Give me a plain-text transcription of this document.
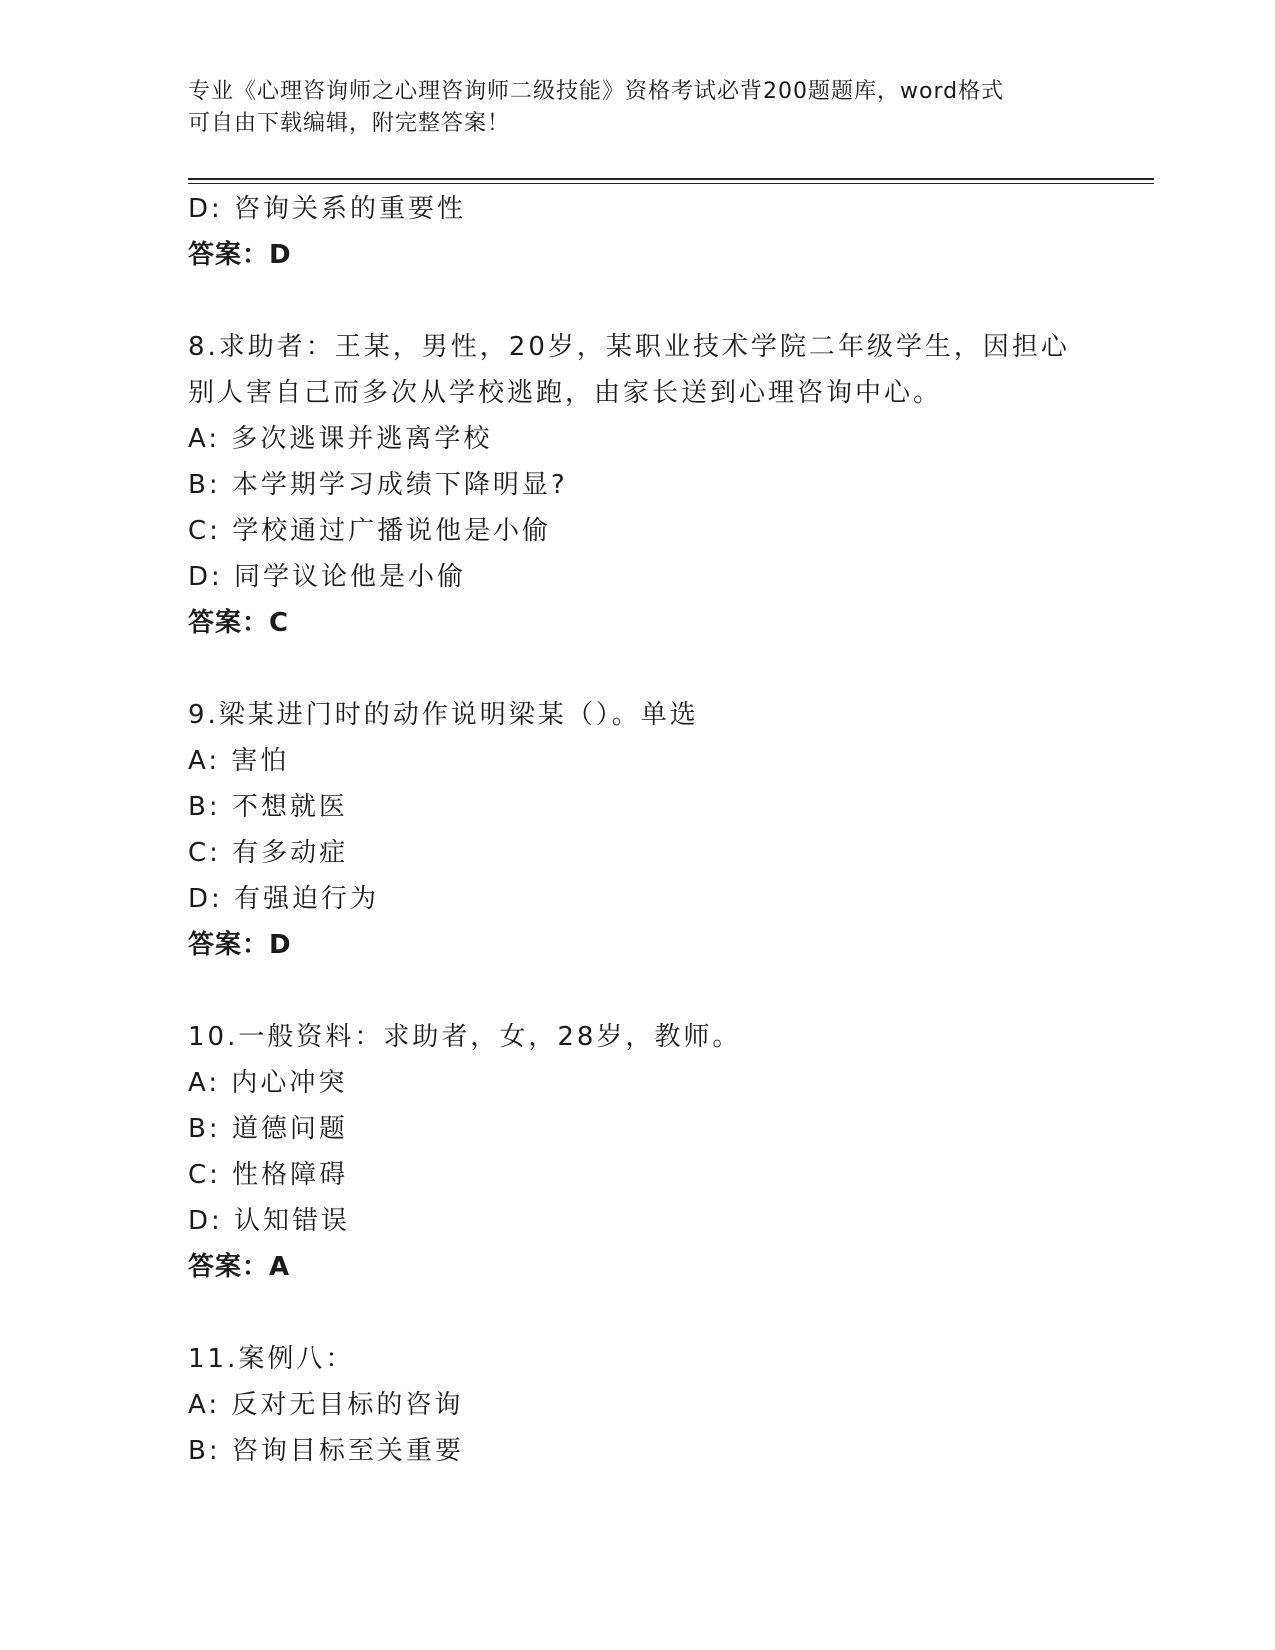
专业《心理咨询师之心理咨询师二级技能》资格考试必背200题题库，word格式
可自由下载编辑，附完整答案！
D: 咨询关系的重要性
答案：D
8.求助者：王某，男性，20岁，某职业技术学院二年级学生，因担心
别人害自己而多次从学校逃跑，由家长送到心理咨询中心。
A: 多次逃课并逃离学校
B: 本学期学习成绩下降明显?
C: 学校通过广播说他是小偷
D: 同学议论他是小偷
答案：C
9.梁某进门时的动作说明梁某（）。单选
A: 害怕
B: 不想就医
C: 有多动症
D: 有强迫行为
答案：D
10.一般资料：求助者，女，28岁，教师。
A: 内心冲突
B: 道德问题
C: 性格障碍
D: 认知错误
答案：A
11.案例八：
A: 反对无目标的咨询
B: 咨询目标至关重要
